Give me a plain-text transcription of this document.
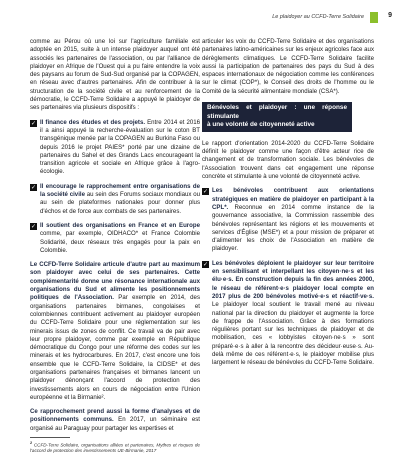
Le plaidoyer au CCFD-Terre Solidaire	9

comme au Pérou où une loi sur l'agriculture familiale est adoptée en 2015, suite à un intense plaidoyer auquel ont été associés les partenaires de l'association, ou par l'alliance de plaidoyer en Afrique de l'Ouest qui a pu faire entendre la voix des paysans au forum de Sud-Sud organisé par la COPAGEN, en réseau avec d'autres partenaires. Afin de contribuer à la structuration de la société civile et au renforcement de la démocratie, le CCFD-Terre Solidaire a appuyé le plaidoyer de ses partenaires via plusieurs dispositifs :

✓ Il finance des études et des projets. Entre 2014 et 2016 il a ainsi appuyé la recherche-évaluation sur le coton BT transgénique menée par la COPAGEN au Burkina Faso ou depuis 2016 le projet PAIES* porté par une dizaine de partenaires du Sahel et des Grands Lacs encourageant la transition agricole et sociale en Afrique grâce à l'agro-écologie.
✓ Il encourage le rapprochement entre organisations de la société civile au sein des Forums sociaux mondiaux ou au sein de plateformes nationales pour donner plus d'échos et de force aux combats de ses partenaires.
✓ Il soutient des organisations en France et en Europe comme, par exemple, OIDHACO* et France Colombie Solidarité, deux réseaux très engagés pour la paix en Colombie.

Le CCFD-Terre Solidaire articule d'autre part au maximum son plaidoyer avec celui de ses partenaires. Cette complémentarité donne une résonance internationale aux organisations du Sud et alimente les positionnements politiques de l'Association. Par exemple en 2014, des organisations partenaires birmanes, congolaises et colombiennes contribuent activement au plaidoyer européen du CCFD-Terre Solidaire pour une réglementation sur les minerais issus de zones de conflit. Ce travail va de pair avec leur propre plaidoyer, comme par exemple en République démocratique du Congo pour une réforme des codes sur les minerais et les hydrocarbures. En 2017, c'est encore une fois ensemble que le CCFD-Terre Solidaire, la CIDSE* et des organisations partenaires françaises et birmanes lancent un plaidoyer dénonçant l'accord de protection des investissements alors en cours de négociation entre l'Union européenne et la Birmanie².

Ce rapprochement prend aussi la forme d'analyses et de positionnements communs. En 2017, un séminaire est organisé au Paraguay pour partager les expertises et

$^2$ CCFD-Terre Solidaire, organisations alliées et partenaires, Mythes et risques de l'accord de protection des investissements UE-Birmanie, 2017

articuler les voix du CCFD-Terre Solidaire et des organisations partenaires latino-américaines sur les enjeux agricoles face aux dérèglements climatiques. Le CCFD-Terre Solidaire facilite aussi la participation de partenaires des pays du Sud à des espaces internationaux de négociation comme les conférences sur le climat (COP*), le Conseil des droits de l'homme ou le Comité de la sécurité alimentaire mondiale (CSA*).

Bénévoles et plaidoyer : une réponse stimulante
à une volonté de citoyenneté active

Le rapport d'orientation 2014-2020 du CCFD-Terre Solidaire définit le plaidoyer comme une façon d'être acteur rice de changement et de transformation sociale. Les bénévoles de l'Association trouvent dans cet engagement une réponse concrète et stimulante à une volonté de citoyenneté active.

✓ Les bénévoles contribuent aux orientations stratégiques en matière de plaidoyer en participant à la CPL*. Reconnue en 2014 comme instance de la gouvernance associative, la Commission rassemble des bénévoles représentant les régions et les mouvements et services d'Église (MSE*) et a pour mission de préparer et d'alimenter les choix de l'Association en matière de plaidoyer.
✓ Les bénévoles déploient le plaidoyer sur leur territoire en sensibilisant et interpellant les citoyen·ne·s et les élu·e·s. En construction depuis la fin des années 2000, le réseau de référent·e·s plaidoyer local compte en 2017 plus de 200 bénévoles motivé·e·s et réactif·ve·s. Le plaidoyer local soutient le travail mené au niveau national par la direction du plaidoyer et augmente la force de frappe de l'Association. Grâce à des formations régulières portant sur les techniques de plaidoyer et de mobilisation, ces « lobbyistes citoyen·ne·s » sont préparé·e·s à aller à la rencontre des décideur·euse·s. Au-delà même de ces référent·e·s, le plaidoyer mobilise plus largement le réseau de bénévoles du CCFD-Terre Solidaire.
